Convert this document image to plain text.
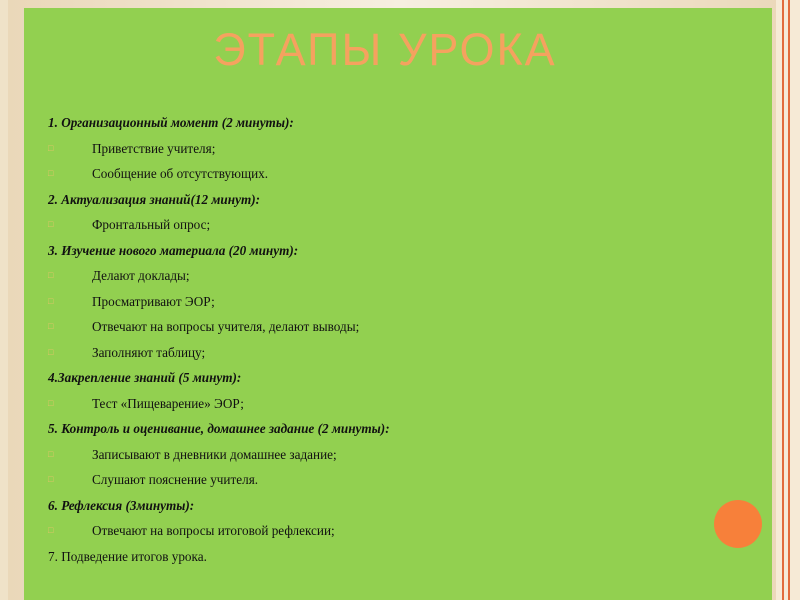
ЭТАПЫ УРОКА
1. Организационный момент (2 минуты):
□	Приветствие учителя;
□	Сообщение об отсутствующих.
2. Актуализация знаний(12 минут):
□	Фронтальный опрос;
3. Изучение нового материала (20 минут):
□	Делают доклады;
□	Просматривают ЭОР;
□	Отвечают на вопросы учителя, делают выводы;
□	Заполняют таблицу;
4.Закрепление знаний (5 минут):
□	Тест «Пищеварение» ЭОР;
5. Контроль и оценивание, домашнее задание (2 минуты):
□	Записывают в дневники домашнее задание;
□	Слушают пояснение учителя.
6. Рефлексия (3минуты):
□	Отвечают на вопросы итоговой рефлексии;
7. Подведение итогов урока.
